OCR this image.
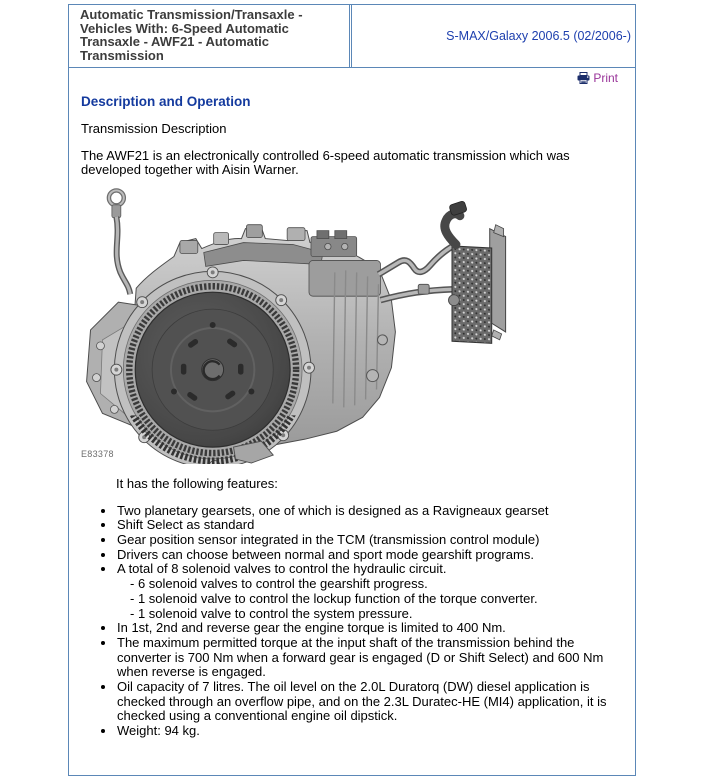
Automatic Transmission/Transaxle - Vehicles With: 6-Speed Automatic Transaxle - AWF21 - Automatic Transmission
S-MAX/Galaxy 2006.5 (02/2006-)
Print
Description and Operation
Transmission Description
The AWF21 is an electronically controlled 6-speed automatic transmission which was developed together with Aisin Warner.
E83378
It has the following features:
• Two planetary gearsets, one of which is designed as a Ravigneaux gearset
• Shift Select as standard
• Gear position sensor integrated in the TCM (transmission control module)
• Drivers can choose between normal and sport mode gearshift programs.
• A total of 8 solenoid valves to control the hydraulic circuit.
- 6 solenoid valves to control the gearshift progress.
- 1 solenoid valve to control the lockup function of the torque converter.
- 1 solenoid valve to control the system pressure.
• In 1st, 2nd and reverse gear the engine torque is limited to 400 Nm.
• The maximum permitted torque at the input shaft of the transmission behind the converter is 700 Nm when a forward gear is engaged (D or Shift Select) and 600 Nm when reverse is engaged.
• Oil capacity of 7 litres. The oil level on the 2.0L Duratorq (DW) diesel application is checked through an overflow pipe, and on the 2.3L Duratec-HE (MI4) application, it is checked using a conventional engine oil dipstick.
• Weight: 94 kg.
